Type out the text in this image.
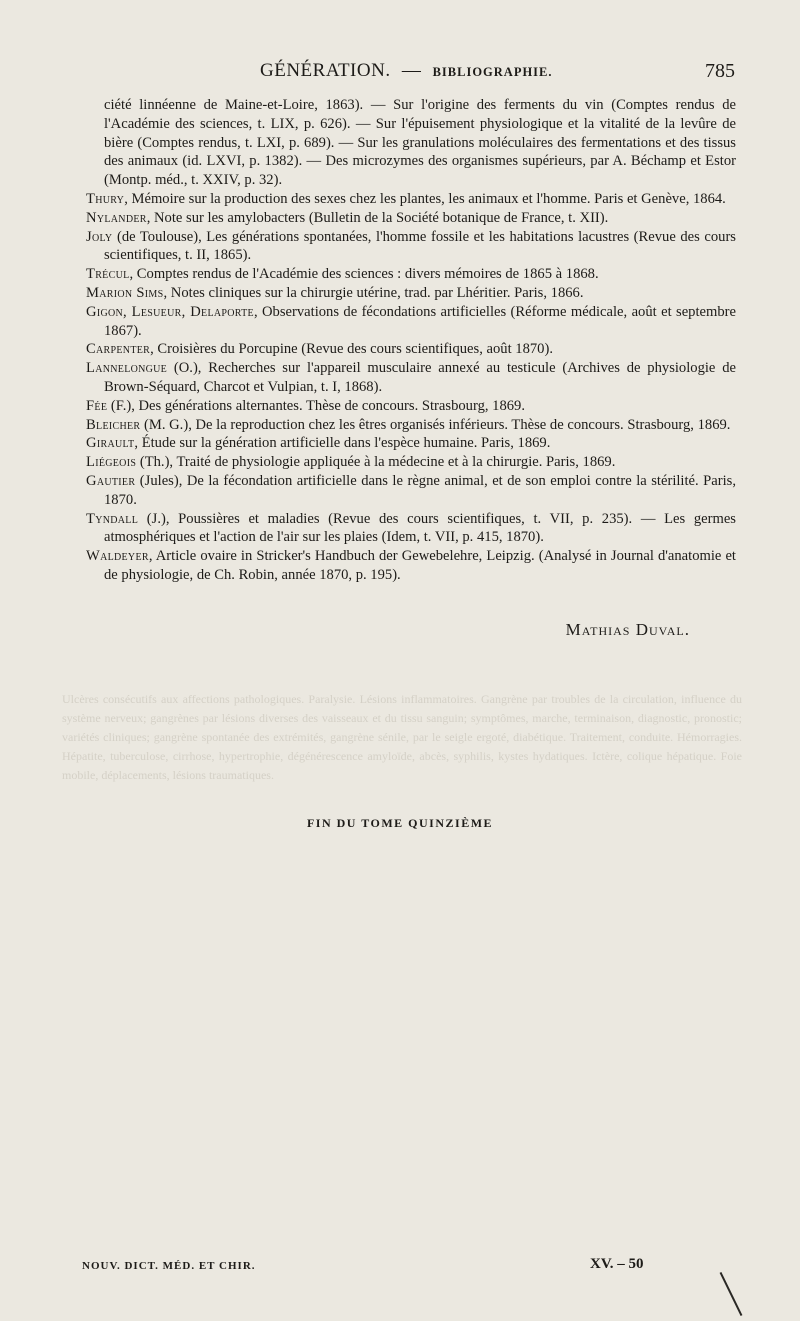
GÉNÉRATION. — BIBLIOGRAPHIE.	785
Ulcères consécutifs aux affections pathologiques. Paralysie. Lésions inflammatoires. Gangrène par troubles de la circulation, influence du système nerveux; gangrènes par lésions diverses des vaisseaux et du tissu sanguin; symptômes, marche, terminaison, diagnostic, pronostic; variétés cliniques; gangrène spontanée des extrémités, gangrène sénile, par le seigle ergoté, diabétique. Traitement, conduite. Hémorragies. Hépatite, tuberculose, cirrhose, hypertrophie, dégénérescence amyloïde, abcès, syphilis, kystes hydatiques. Ictère, colique hépatique. Foie mobile, déplacements, lésions traumatiques.

ciété linnéenne de Maine-et-Loire, 1863). — Sur l'origine des ferments du vin (Comptes rendus de l'Académie des sciences, t. LIX, p. 626). — Sur l'épuisement physiologique et la vitalité de la levûre de bière (Comptes rendus, t. LXI, p. 689). — Sur les granulations moléculaires des fermentations et des tissus des animaux (id. LXVI, p. 1382). — Des microzymes des organismes supérieurs, par A. Béchamp et Estor (Montp. méd., t. XXIV, p. 32).

Thury, Mémoire sur la production des sexes chez les plantes, les animaux et l'homme. Paris et Genève, 1864.

Nylander, Note sur les amylobacters (Bulletin de la Société botanique de France, t. XII).

Joly (de Toulouse), Les générations spontanées, l'homme fossile et les habitations lacustres (Revue des cours scientifiques, t. II, 1865).

Trécul, Comptes rendus de l'Académie des sciences : divers mémoires de 1865 à 1868.

Marion Sims, Notes cliniques sur la chirurgie utérine, trad. par Lhéritier. Paris, 1866.

Gigon, Lesueur, Delaporte, Observations de fécondations artificielles (Réforme médicale, août et septembre 1867).

Carpenter, Croisières du Porcupine (Revue des cours scientifiques, août 1870).

Lannelongue (O.), Recherches sur l'appareil musculaire annexé au testicule (Archives de physiologie de Brown-Séquard, Charcot et Vulpian, t. I, 1868).

Fée (F.), Des générations alternantes. Thèse de concours. Strasbourg, 1869.

Bleicher (M. G.), De la reproduction chez les êtres organisés inférieurs. Thèse de concours. Strasbourg, 1869.

Girault, Étude sur la génération artificielle dans l'espèce humaine. Paris, 1869.

Liégeois (Th.), Traité de physiologie appliquée à la médecine et à la chirurgie. Paris, 1869.

Gautier (Jules), De la fécondation artificielle dans le règne animal, et de son emploi contre la stérilité. Paris, 1870.

Tyndall (J.), Poussières et maladies (Revue des cours scientifiques, t. VII, p. 235). — Les germes atmosphériques et l'action de l'air sur les plaies (Idem, t. VII, p. 415, 1870).

Waldeyer, Article ovaire in Stricker's Handbuch der Gewebelehre, Leipzig. (Analysé in Journal d'anatomie et de physiologie, de Ch. Robin, année 1870, p. 195).

Mathias Duval.
FIN DU TOME QUINZIÈME
NOUV. DICT. MÉD. ET CHIR.	XV. – 50
